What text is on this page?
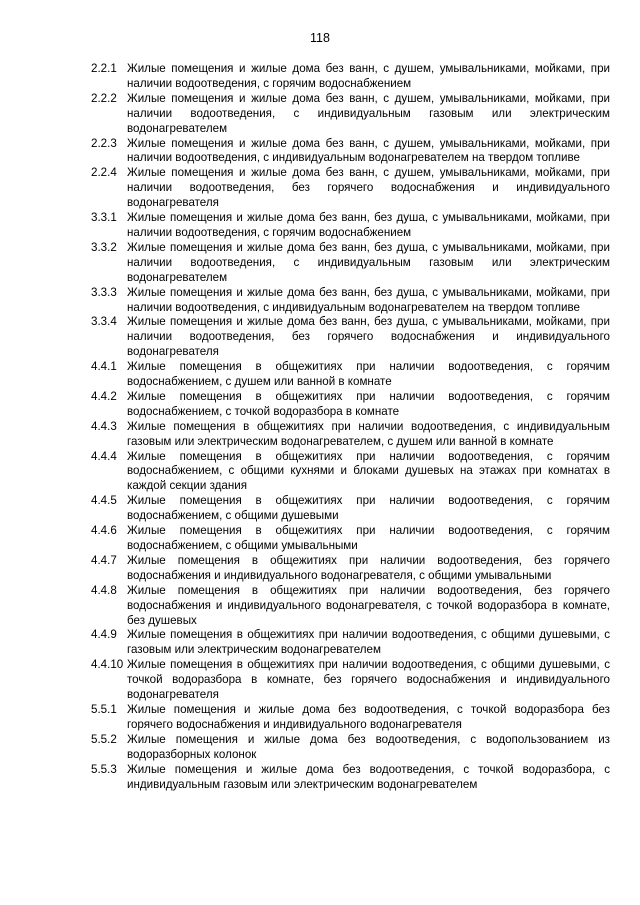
118
2.2.1 Жилые помещения и жилые дома без ванн, с душем, умывальниками, мойками, при наличии водоотведения, с горячим водоснабжением
2.2.2 Жилые помещения и жилые дома без ванн, с душем, умывальниками, мойками, при наличии водоотведения, с индивидуальным газовым или электрическим водонагревателем
2.2.3 Жилые помещения и жилые дома без ванн, с душем, умывальниками, мойками, при наличии водоотведения, с индивидуальным водонагревателем на твердом топливе
2.2.4 Жилые помещения и жилые дома без ванн, с душем, умывальниками, мойками, при наличии водоотведения, без горячего водоснабжения и индивидуального водонагревателя
3.3.1 Жилые помещения и жилые дома без ванн, без душа, с умывальниками, мойками, при наличии водоотведения, с горячим водоснабжением
3.3.2 Жилые помещения и жилые дома без ванн, без душа, с умывальниками, мойками, при наличии водоотведения, с индивидуальным газовым или электрическим водонагревателем
3.3.3 Жилые помещения и жилые дома без ванн, без душа, с умывальниками, мойками, при наличии водоотведения, с индивидуальным водонагревателем на твердом топливе
3.3.4 Жилые помещения и жилые дома без ванн, без душа, с умывальниками, мойками, при наличии водоотведения, без горячего водоснабжения и индивидуального водонагревателя
4.4.1 Жилые помещения в общежитиях при наличии водоотведения, с горячим водоснабжением, с душем или ванной в комнате
4.4.2 Жилые помещения в общежитиях при наличии водоотведения, с горячим водоснабжением, с точкой водоразбора в комнате
4.4.3 Жилые помещения в общежитиях при наличии водоотведения, с индивидуальным газовым или электрическим водонагревателем, с душем или ванной в комнате
4.4.4 Жилые помещения в общежитиях при наличии водоотведения, с горячим водоснабжением, с общими кухнями и блоками душевых на этажах при комнатах в каждой секции здания
4.4.5 Жилые помещения в общежитиях при наличии водоотведения, с горячим водоснабжением, с общими душевыми
4.4.6 Жилые помещения в общежитиях при наличии водоотведения, с горячим водоснабжением, с общими умывальными
4.4.7 Жилые помещения в общежитиях при наличии водоотведения, без горячего водоснабжения и индивидуального водонагревателя, с общими умывальными
4.4.8 Жилые помещения в общежитиях при наличии водоотведения, без горячего водоснабжения и индивидуального водонагревателя, с точкой водоразбора в комнате, без душевых
4.4.9 Жилые помещения в общежитиях при наличии водоотведения, с общими душевыми, с газовым или электрическим водонагревателем
4.4.10 Жилые помещения в общежитиях при наличии водоотведения, с общими душевыми, с точкой водоразбора в комнате, без горячего водоснабжения и индивидуального водонагревателя
5.5.1 Жилые помещения и жилые дома без водоотведения, с точкой водоразбора без горячего водоснабжения и индивидуального водонагревателя
5.5.2 Жилые помещения и жилые дома без водоотведения, с водопользованием из водоразборных колонок
5.5.3 Жилые помещения и жилые дома без водоотведения, с точкой водоразбора, с индивидуальным газовым или электрическим водонагревателем
